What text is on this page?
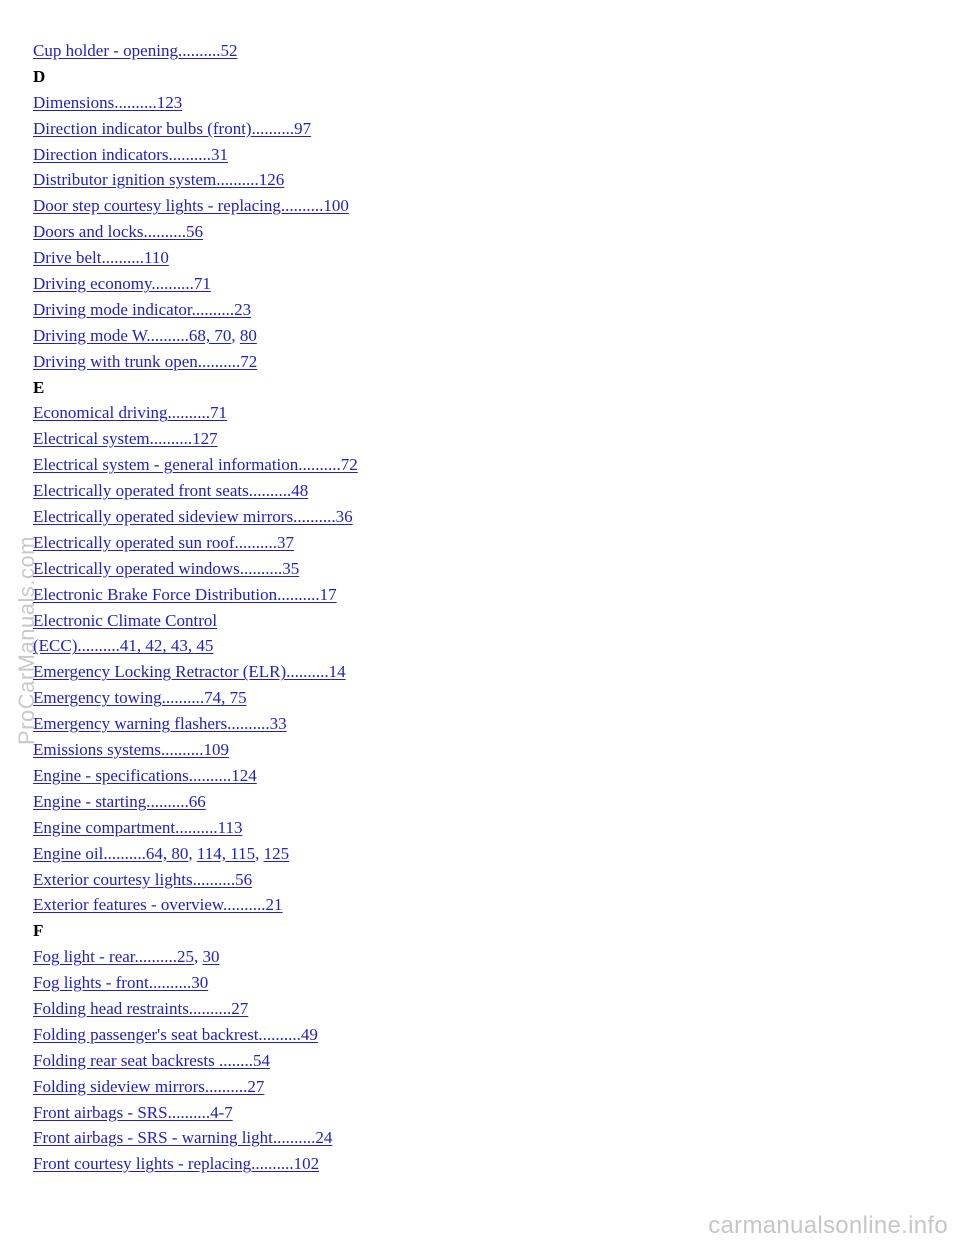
Cup holder - opening..........52
D
Dimensions..........123
Direction indicator bulbs (front)..........97
Direction indicators..........31
Distributor ignition system..........126
Door step courtesy lights - replacing..........100
Doors and locks..........56
Drive belt..........110
Driving economy..........71
Driving mode indicator..........23
Driving mode W..........68, 70, 80
Driving with trunk open..........72
E
Economical driving..........71
Electrical system..........127
Electrical system - general information..........72
Electrically operated front seats..........48
Electrically operated sideview mirrors..........36
Electrically operated sun roof..........37
Electrically operated windows..........35
Electronic Brake Force Distribution..........17
Electronic Climate Control
(ECC)..........41, 42, 43, 45
Emergency Locking Retractor (ELR)..........14
Emergency towing..........74, 75
Emergency warning flashers..........33
Emissions systems..........109
Engine - specifications..........124
Engine - starting..........66
Engine compartment..........113
Engine oil..........64, 80, 114, 115, 125
Exterior courtesy lights..........56
Exterior features - overview..........21
F
Fog light - rear..........25, 30
Fog lights - front..........30
Folding head restraints..........27
Folding passenger's seat backrest..........49
Folding rear seat backrests ........54
Folding sideview mirrors..........27
Front airbags - SRS..........4-7
Front airbags - SRS - warning light..........24
Front courtesy lights - replacing..........102
ProCarManuals.com
carmanualsonline.info
